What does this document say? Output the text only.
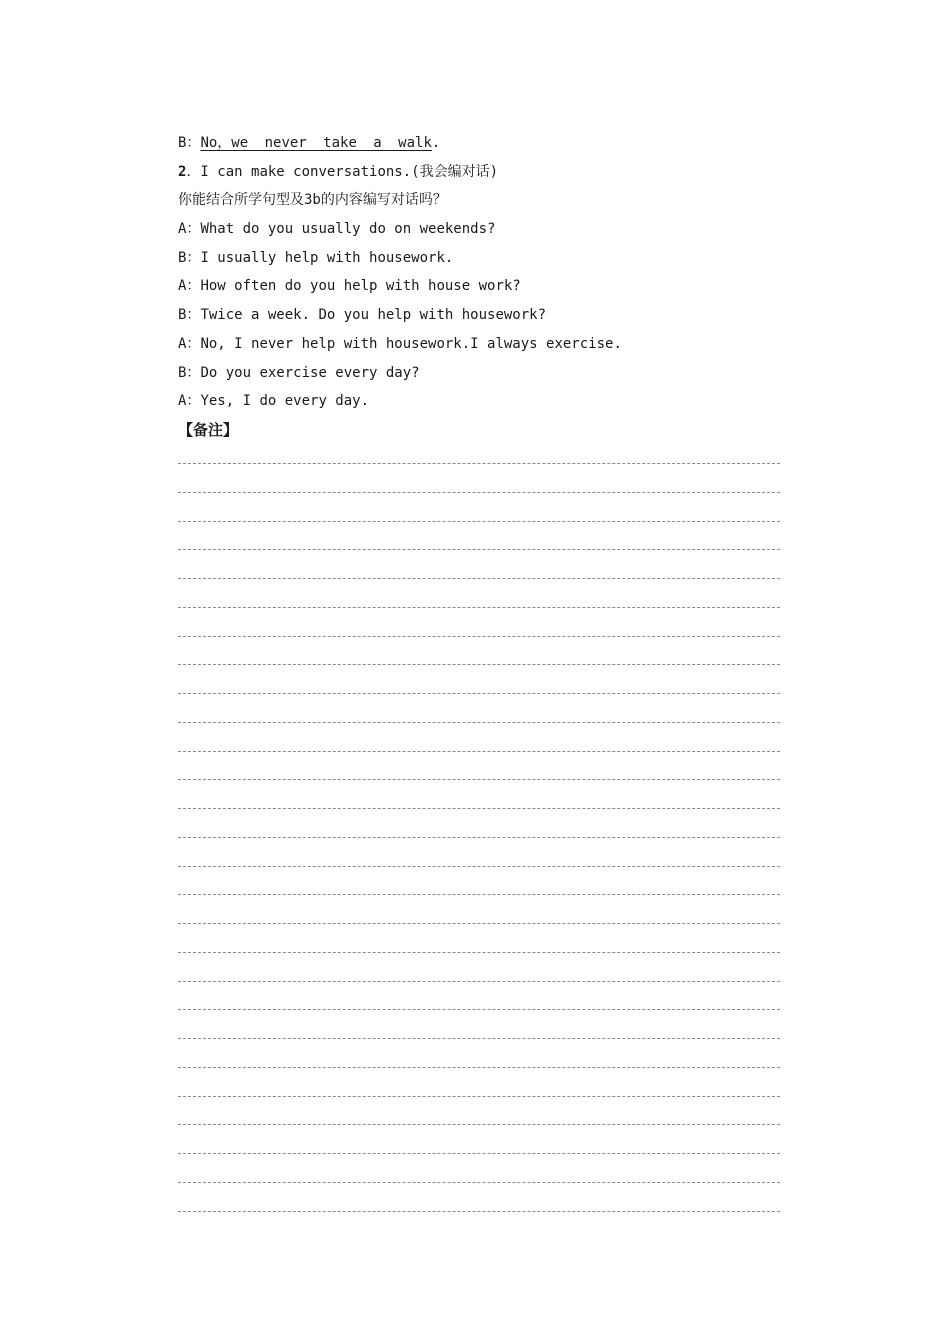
B：No，we never take a walk.
2．I can make conversations.(我会编对话)
你能结合所学句型及3b的内容编写对话吗？
A：What do you usually do on weekends?
B：I usually help with housework.
A：How often do you help with house work?
B：Twice a week. Do you help with housework?
A：No, I never help with housework.I always exercise.
B：Do you exercise every day?
A：Yes, I do every day.
【备注】
